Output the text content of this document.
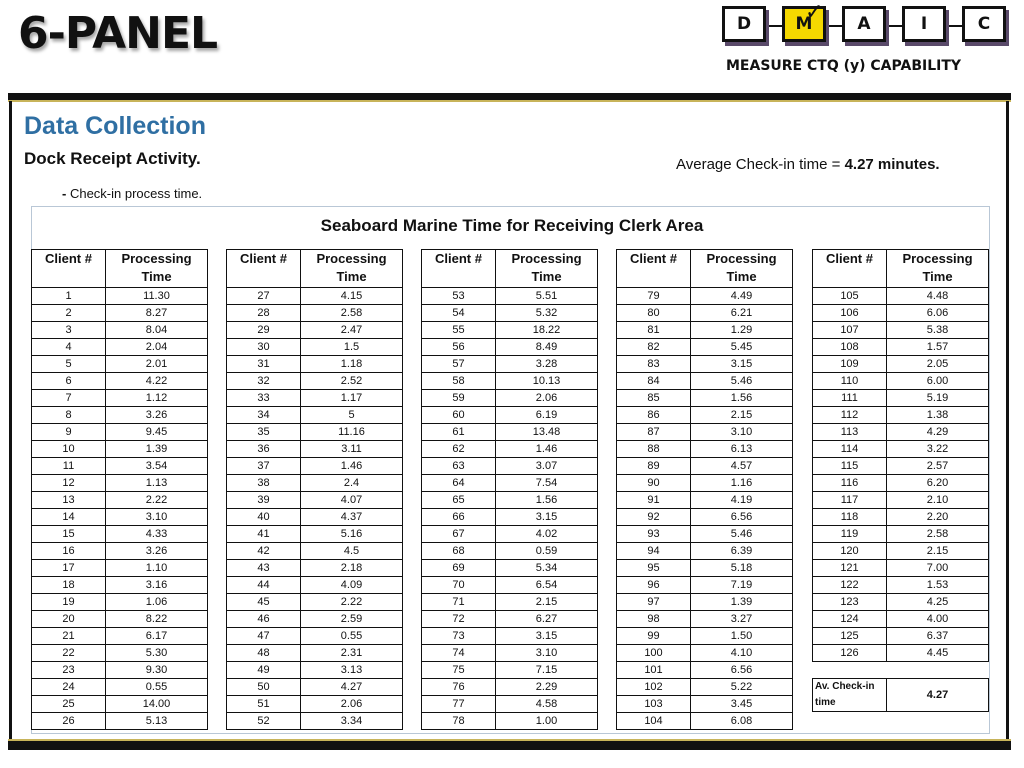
6-PANEL	D	M
✓ A	I	C
MEASURE CTQ (y) CAPABILITY
Data Collection
Dock Receipt Activity.	Average Check-in time = 4.27 minutes.
- Check-in process time.
Seaboard Marine Time for Receiving Clerk Area
Client #	Processing
Time
1	11.30
2	8.27
3	8.04
4	2.04
5	2.01
6	4.22
7	1.12
8	3.26
9	9.45
10	1.39
11	3.54
12	1.13
13	2.22
14	3.10
15	4.33
16	3.26
17	1.10
18	3.16
19	1.06
20	8.22
21	6.17
22	5.30
23	9.30
24	0.55
25	14.00
26	5.13
Client #	Processing
Time
27	4.15
28	2.58
29	2.47
30	1.5
31	1.18
32	2.52
33	1.17
34	5
35	11.16
36	3.11
37	1.46
38	2.4
39	4.07
40	4.37
41	5.16
42	4.5
43	2.18
44	4.09
45	2.22
46	2.59
47	0.55
48	2.31
49	3.13
50	4.27
51	2.06
52	3.34
Client #	Processing
Time
53	5.51
54	5.32
55	18.22
56	8.49
57	3.28
58	10.13
59	2.06
60	6.19
61	13.48
62	1.46
63	3.07
64	7.54
65	1.56
66	3.15
67	4.02
68	0.59
69	5.34
70	6.54
71	2.15
72	6.27
73	3.15
74	3.10
75	7.15
76	2.29
77	4.58
78	1.00
Client #	Processing
Time
79	4.49
80	6.21
81	1.29
82	5.45
83	3.15
84	5.46
85	1.56
86	2.15
87	3.10
88	6.13
89	4.57
90	1.16
91	4.19
92	6.56
93	5.46
94	6.39
95	5.18
96	7.19
97	1.39
98	3.27
99	1.50
100	4.10
101	6.56
102	5.22
103	3.45
104	6.08
Client #	Processing
Time
105	4.48
106	6.06
107	5.38
108	1.57
109	2.05
110	6.00
111	5.19
112	1.38
113	4.29
114	3.22
115	2.57
116	6.20
117	2.10
118	2.20
119	2.58
120	2.15
121	7.00
122	1.53
123	4.25
124	4.00
125	6.37
126	4.45

Av. Check-in time	4.27
